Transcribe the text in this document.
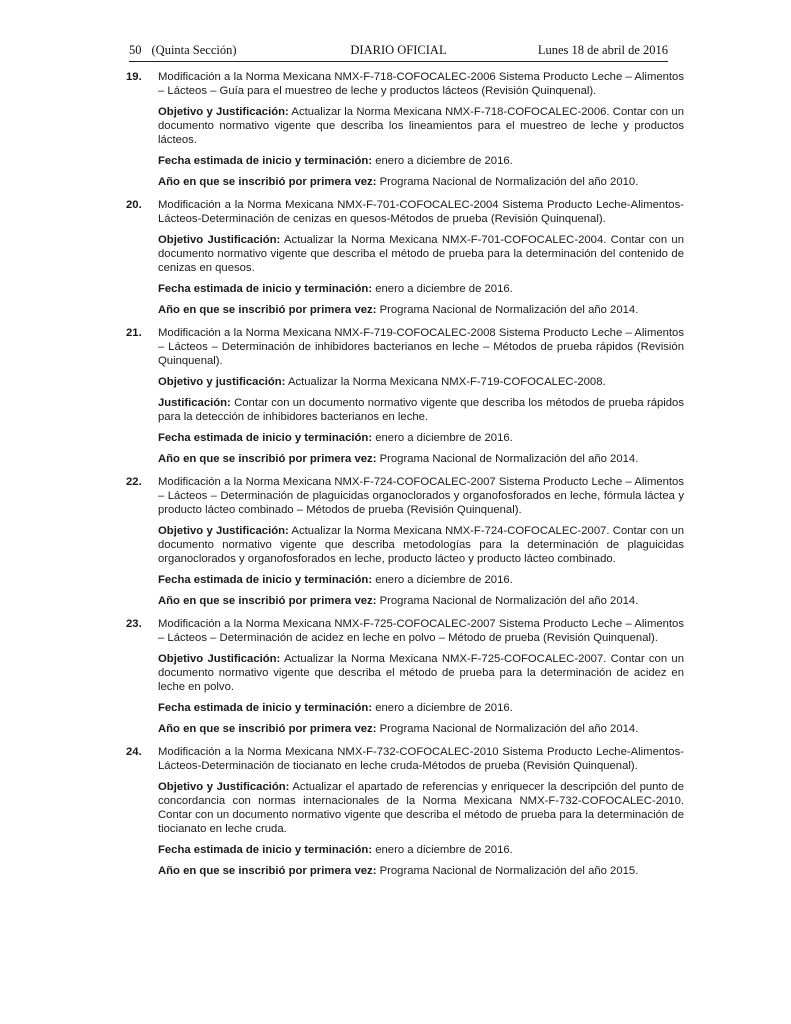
50 (Quinta Sección)	DIARIO OFICIAL	Lunes 18 de abril de 2016
19. Modificación a la Norma Mexicana NMX-F-718-COFOCALEC-2006 Sistema Producto Leche – Alimentos – Lácteos – Guía para el muestreo de leche y productos lácteos (Revisión Quinquenal).

Objetivo y Justificación: Actualizar la Norma Mexicana NMX-F-718-COFOCALEC-2006. Contar con un documento normativo vigente que describa los lineamientos para el muestreo de leche y productos lácteos.

Fecha estimada de inicio y terminación: enero a diciembre de 2016.

Año en que se inscribió por primera vez: Programa Nacional de Normalización del año 2010.

20. Modificación a la Norma Mexicana NMX-F-701-COFOCALEC-2004 Sistema Producto Leche-Alimentos-Lácteos-Determinación de cenizas en quesos-Métodos de prueba (Revisión Quinquenal).

Objetivo Justificación: Actualizar la Norma Mexicana NMX-F-701-COFOCALEC-2004. Contar con un documento normativo vigente que describa el método de prueba para la determinación del contenido de cenizas en quesos.

Fecha estimada de inicio y terminación: enero a diciembre de 2016.

Año en que se inscribió por primera vez: Programa Nacional de Normalización del año 2014.

21. Modificación a la Norma Mexicana NMX-F-719-COFOCALEC-2008 Sistema Producto Leche – Alimentos – Lácteos – Determinación de inhibidores bacterianos en leche – Métodos de prueba rápidos (Revisión Quinquenal).

Objetivo y justificación: Actualizar la Norma Mexicana NMX-F-719-COFOCALEC-2008.

Justificación: Contar con un documento normativo vigente que describa los métodos de prueba rápidos para la detección de inhibidores bacterianos en leche.

Fecha estimada de inicio y terminación: enero a diciembre de 2016.

Año en que se inscribió por primera vez: Programa Nacional de Normalización del año 2014.

22. Modificación a la Norma Mexicana NMX-F-724-COFOCALEC-2007 Sistema Producto Leche – Alimentos – Lácteos – Determinación de plaguicidas organoclorados y organofosforados en leche, fórmula láctea y producto lácteo combinado – Métodos de prueba (Revisión Quinquenal).

Objetivo y Justificación: Actualizar la Norma Mexicana NMX-F-724-COFOCALEC-2007. Contar con un documento normativo vigente que describa metodologías para la determinación de plaguicidas organoclorados y organofosforados en leche, producto lácteo y producto lácteo combinado.

Fecha estimada de inicio y terminación: enero a diciembre de 2016.

Año en que se inscribió por primera vez: Programa Nacional de Normalización del año 2014.

23. Modificación a la Norma Mexicana NMX-F-725-COFOCALEC-2007 Sistema Producto Leche – Alimentos – Lácteos – Determinación de acidez en leche en polvo – Método de prueba (Revisión Quinquenal).

Objetivo Justificación: Actualizar la Norma Mexicana NMX-F-725-COFOCALEC-2007. Contar con un documento normativo vigente que describa el método de prueba para la determinación de acidez en leche en polvo.

Fecha estimada de inicio y terminación: enero a diciembre de 2016.

Año en que se inscribió por primera vez: Programa Nacional de Normalización del año 2014.

24. Modificación a la Norma Mexicana NMX-F-732-COFOCALEC-2010 Sistema Producto Leche-Alimentos-Lácteos-Determinación de tiocianato en leche cruda-Métodos de prueba (Revisión Quinquenal).

Objetivo y Justificación: Actualizar el apartado de referencias y enriquecer la descripción del punto de concordancia con normas internacionales de la Norma Mexicana NMX-F-732-COFOCALEC-2010. Contar con un documento normativo vigente que describa el método de prueba para la determinación de tiocianato en leche cruda.

Fecha estimada de inicio y terminación: enero a diciembre de 2016.

Año en que se inscribió por primera vez: Programa Nacional de Normalización del año 2015.
